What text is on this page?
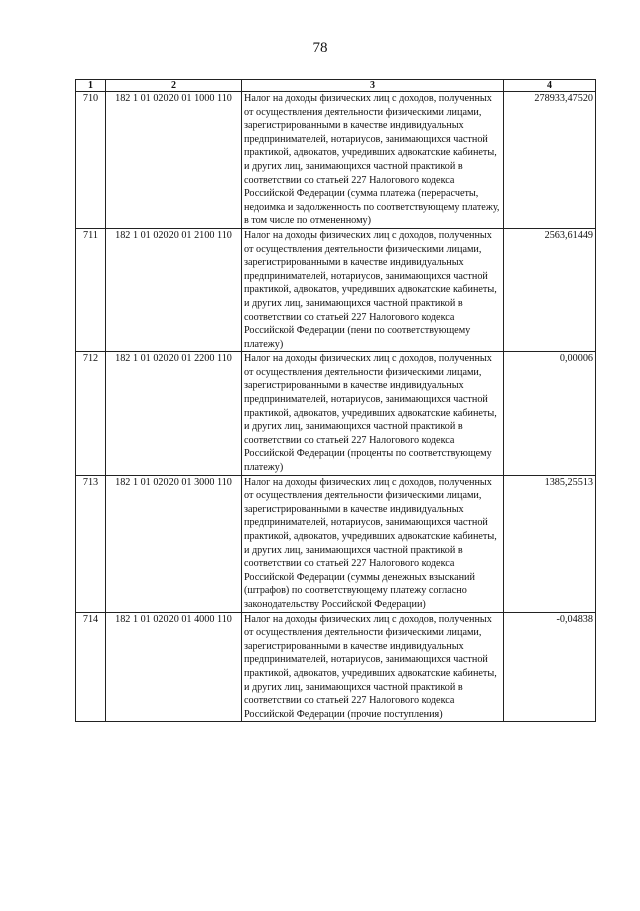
78
1	2	3	4
710	182 1 01 02020 01 1000 110	Налог на доходы физических лиц с доходов, полученных от осуществления деятельности физическими лицами, зарегистрированными в качестве индивидуальных предпринимателей, нотариусов, занимающихся частной практикой, адвокатов, учредивших адвокатские кабинеты, и других лиц, занимающихся частной практикой в соответствии со статьей 227 Налогового кодекса Российской Федерации (сумма платежа (перерасчеты, недоимка и задолженность по соответствующему платежу, в том числе по отмененному)	278933,47520
711	182 1 01 02020 01 2100 110	Налог на доходы физических лиц с доходов, полученных от осуществления деятельности физическими лицами, зарегистрированными в качестве индивидуальных предпринимателей, нотариусов, занимающихся частной практикой, адвокатов, учредивших адвокатские кабинеты, и других лиц, занимающихся частной практикой в соответствии со статьей 227 Налогового кодекса Российской Федерации (пени по соответствующему платежу)	2563,61449
712	182 1 01 02020 01 2200 110	Налог на доходы физических лиц с доходов, полученных от осуществления деятельности физическими лицами, зарегистрированными в качестве индивидуальных предпринимателей, нотариусов, занимающихся частной практикой, адвокатов, учредивших адвокатские кабинеты, и других лиц, занимающихся частной практикой в соответствии со статьей 227 Налогового кодекса Российской Федерации (проценты по соответствующему платежу)	0,00006
713	182 1 01 02020 01 3000 110	Налог на доходы физических лиц с доходов, полученных от осуществления деятельности физическими лицами, зарегистрированными в качестве индивидуальных предпринимателей, нотариусов, занимающихся частной практикой, адвокатов, учредивших адвокатские кабинеты, и других лиц, занимающихся частной практикой в соответствии со статьей 227 Налогового кодекса Российской Федерации (суммы денежных взысканий (штрафов) по соответствующему платежу согласно законодательству Российской Федерации)	1385,25513
714	182 1 01 02020 01 4000 110	Налог на доходы физических лиц с доходов, полученных от осуществления деятельности физическими лицами, зарегистрированными в качестве индивидуальных предпринимателей, нотариусов, занимающихся частной практикой, адвокатов, учредивших адвокатские кабинеты, и других лиц, занимающихся частной практикой в соответствии со статьей 227 Налогового кодекса Российской Федерации (прочие поступления)	-0,04838
